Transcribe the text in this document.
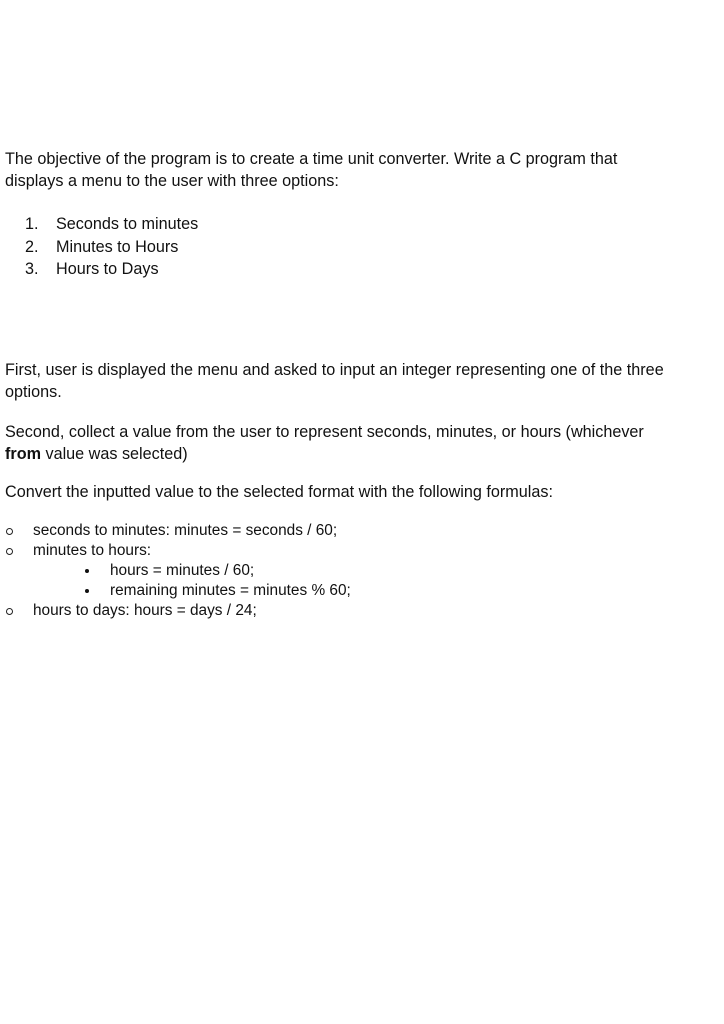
The objective of the program is to create a time unit converter. Write a C program that
displays a menu to the user with three options:

1.	Seconds to minutes
2.	Minutes to Hours
3.	Hours to Days

First, user is displayed the menu and asked to input an integer representing one of the three
options.

Second, collect a value from the user to represent seconds, minutes, or hours (whichever
from value was selected)

Convert the inputted value to the selected format with the following formulas:

seconds to minutes: minutes = seconds / 60;
minutes to hours:
hours = minutes / 60;
remaining minutes = minutes % 60;
hours to days: hours = days / 24;
